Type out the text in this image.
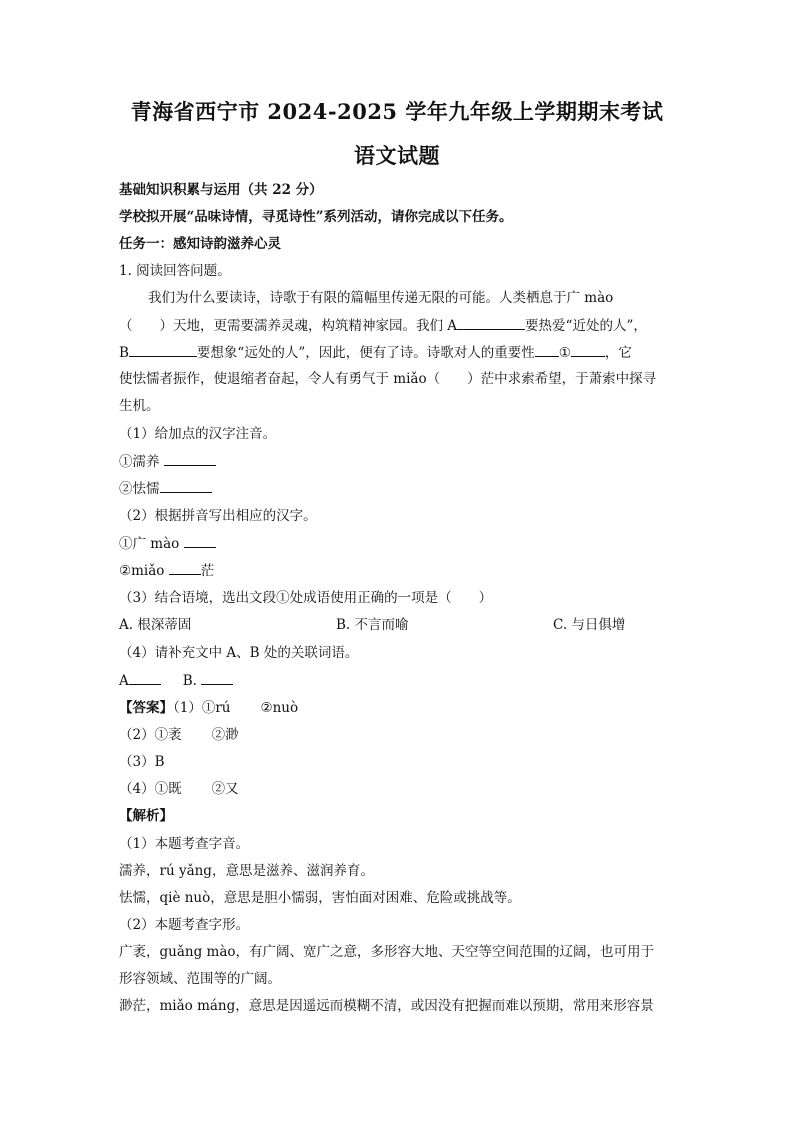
青海省西宁市 2024-2025 学年九年级上学期期末考试
语文试题
基础知识积累与运用（共 22 分）
学校拟开展“品味诗情，寻觅诗性”系列活动，请你完成以下任务。
任务一：感知诗韵滋养心灵
1. 阅读回答问题。
我们为什么要读诗，诗歌于有限的篇幅里传递无限的可能。人类栖息于广 mào
（　　）天地，更需要濡养灵魂，构筑精神家园。我们 A	要热爱“近处的人”，
B	要想象“远处的人”，因此，便有了诗。诗歌对人的重要性 ①	，它
使怯懦者振作，使退缩者奋起，令人有勇气于 miǎo（　　）茫中求索希望，于萧索中探寻
生机。
（1）给加点的汉字注音。
①濡养
②怯懦
（2）根据拼音写出相应的汉字。
①广 mào
②miǎo	茫
（3）结合语境，选出文段①处成语使用正确的一项是（　　）
A. 根深蒂固	B. 不言而喻	C. 与日俱增
（4）请补充文中 A、B 处的关联词语。
A	B.
【答案】（1）①rú ②nuò
（2）①袤 ②渺
（3）B
（4）①既 ②又
【解析】
（1）本题考查字音。
濡养，rú yǎng，意思是滋养、滋润养育。
怯懦，qiè nuò，意思是胆小懦弱，害怕面对困难、危险或挑战等。
（2）本题考查字形。
广袤，guǎng mào，有广阔、宽广之意，多形容大地、天空等空间范围的辽阔，也可用于
形容领域、范围等的广阔。
渺茫，miǎo máng，意思是因遥远而模糊不清，或因没有把握而难以预期，常用来形容景
